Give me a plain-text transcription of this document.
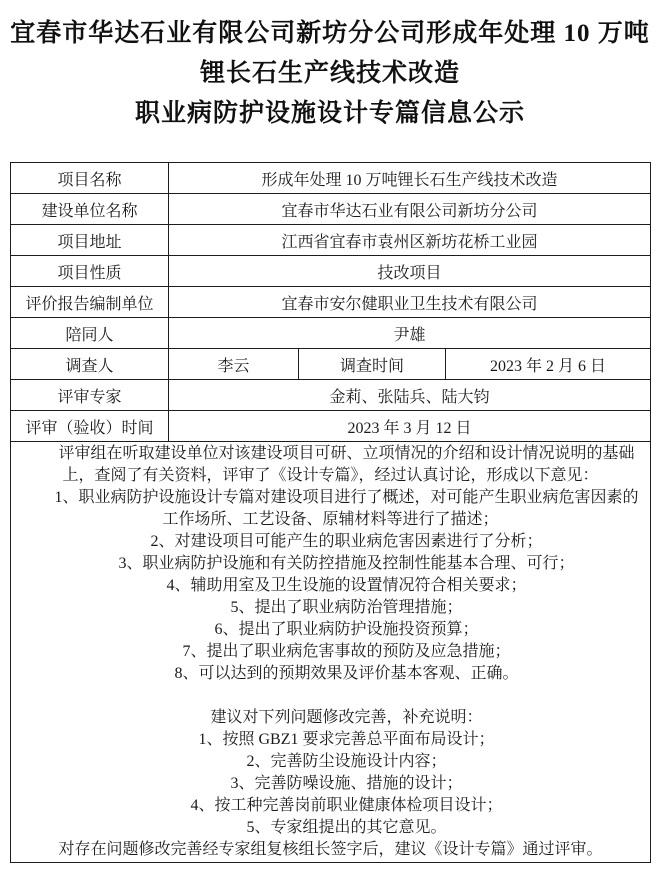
宜春市华达石业有限公司新坊分公司形成年处理 10 万吨
锂长石生产线技术改造
职业病防护设施设计专篇信息公示
项目名称	形成年处理 10 万吨锂长石生产线技术改造		
建设单位名称	宜春市华达石业有限公司新坊分公司		
项目地址	江西省宜春市袁州区新坊花桥工业园		
项目性质	技改项目		
评价报告编制单位	宜春市安尔健职业卫生技术有限公司		
陪同人	尹雄		
调查人	李云	调查时间	2023 年 2 月 6 日
评审专家	金莉、张陆兵、陆大钧		
评审（验收）时间	2023 年 3 月 12 日		

评审组在听取建设单位对该建设项目可研、立项情况的介绍和设计情况说明的基础上，查阅了有关资料，评审了《设计专篇》，经过认真讨论，形成以下意见：

1、职业病防护设施设计专篇对建设项目进行了概述，对可能产生职业病危害因素的工作场所、工艺设备、原辅材料等进行了描述；

2、对建设项目可能产生的职业病危害因素进行了分析；

3、职业病防护设施和有关防控措施及控制性能基本合理、可行；

4、辅助用室及卫生设施的设置情况符合相关要求；

5、提出了职业病防治管理措施；

6、提出了职业病防护设施投资预算；

7、提出了职业病危害事故的预防及应急措施；

8、可以达到的预期效果及评价基本客观、正确。

建议对下列问题修改完善，补充说明：

1、按照 GBZ1 要求完善总平面布局设计；

2、完善防尘设施设计内容；

3、完善防噪设施、措施的设计；

4、按工种完善岗前职业健康体检项目设计；

5、专家组提出的其它意见。

对存在问题修改完善经专家组复核组长签字后，建议《设计专篇》通过评审。
